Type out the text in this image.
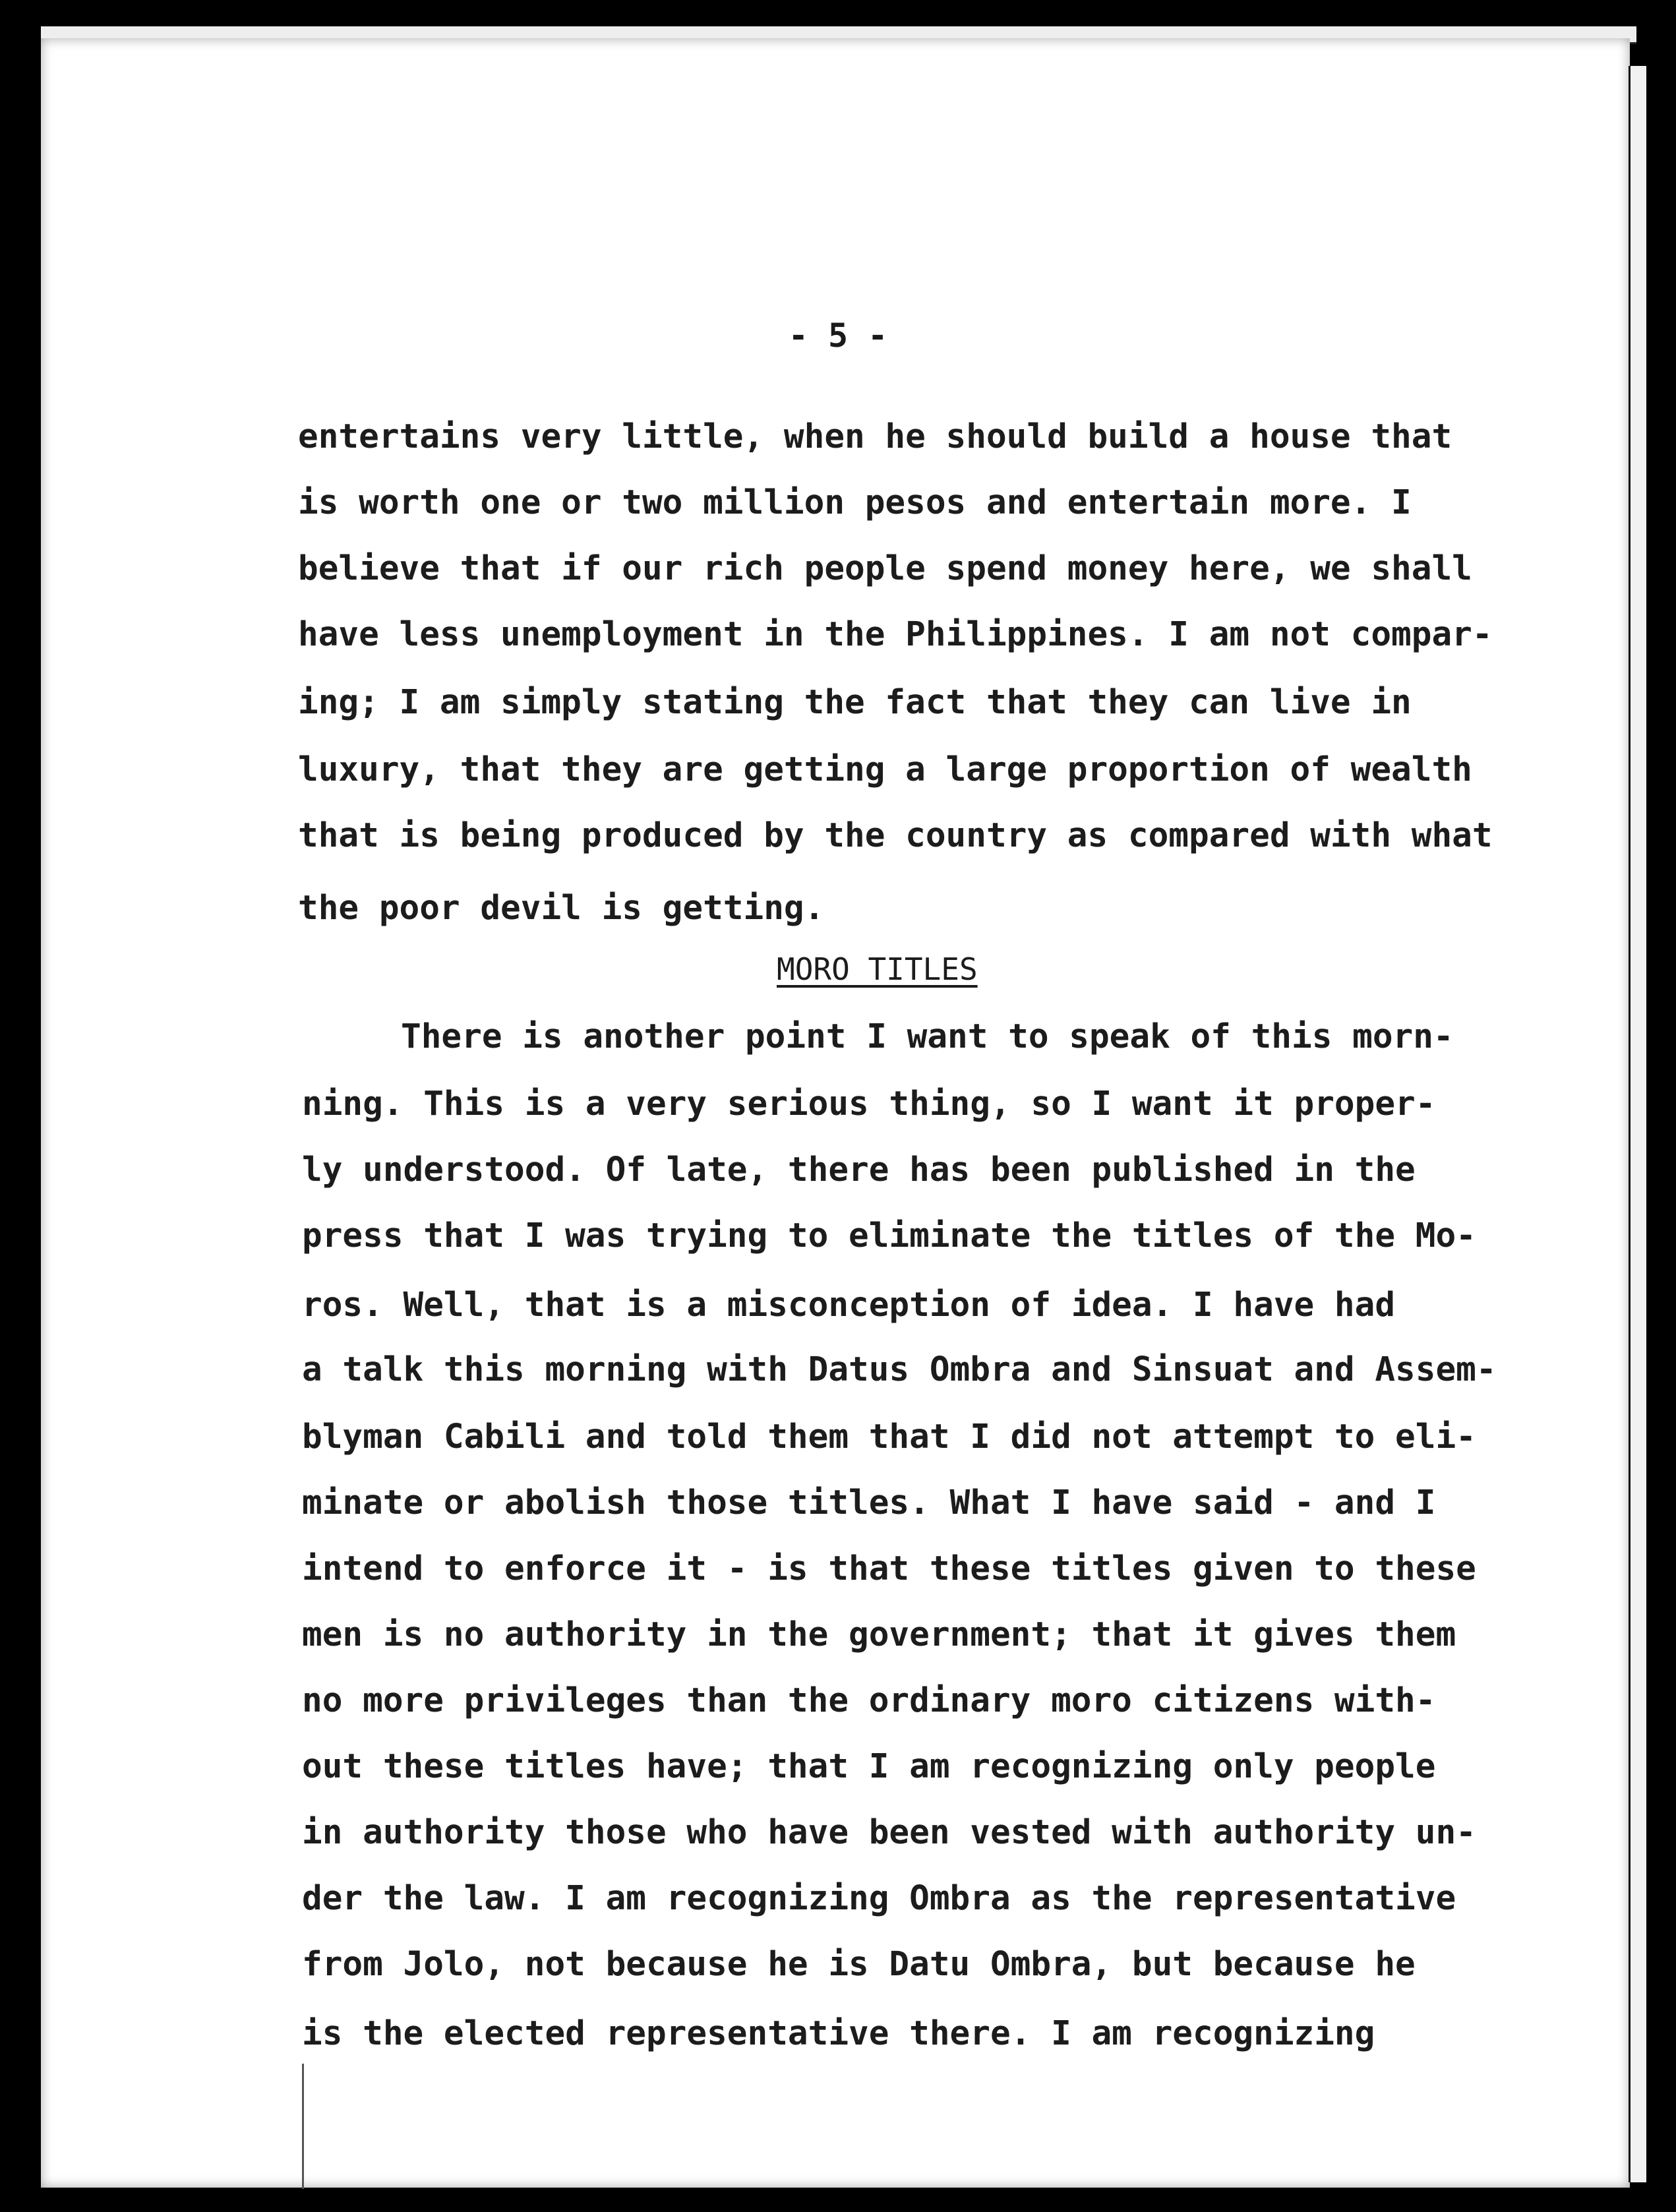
- 5 -

entertains very little, when he should build a house that

is worth one or two million pesos and entertain more. I

believe that if our rich people spend money here, we shall

have less unemployment in the Philippines. I am not compar-

ing; I am simply stating the fact that they can live in

luxury, that they are getting a large proportion of wealth

that is being produced by the country as compared with what

the poor devil is getting.

MORO TITLES

There is another point I want to speak of this morn-

ning. This is a very serious thing, so I want it proper-

ly understood. Of late, there has been published in the

press that I was trying to eliminate the titles of the Mo-

ros. Well, that is a misconception of idea. I have had

a talk this morning with Datus Ombra and Sinsuat and Assem-

blyman Cabili and told them that I did not attempt to eli-

minate or abolish those titles. What I have said - and I

intend to enforce it - is that these titles given to these

men is no authority in the government; that it gives them

no more privileges than the ordinary moro citizens with-

out these titles have; that I am recognizing only people

in authority those who have been vested with authority un-

der the law. I am recognizing Ombra as the representative

from Jolo, not because he is Datu Ombra, but because he

is the elected representative there. I am recognizing
